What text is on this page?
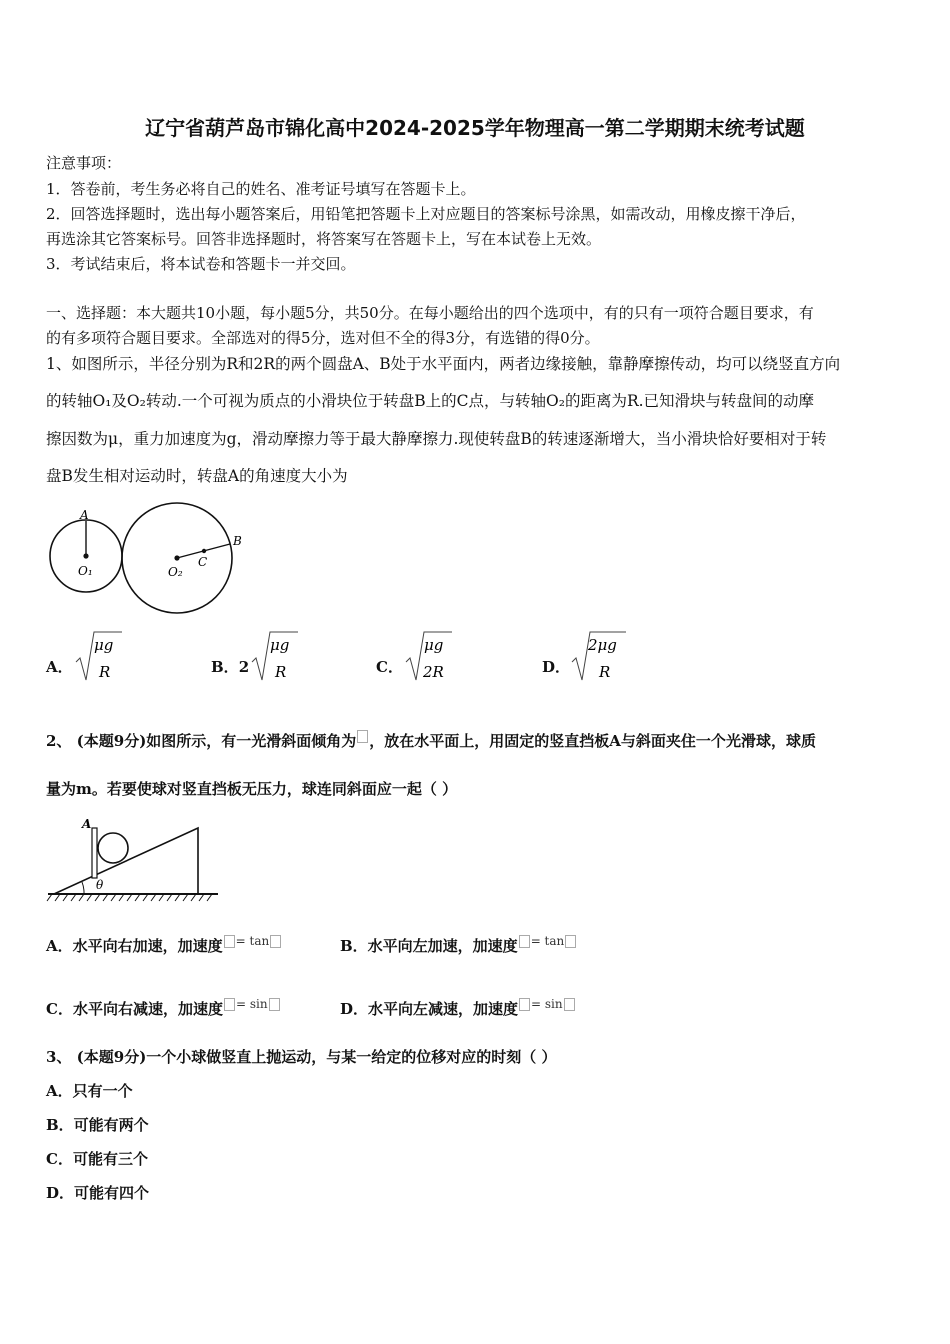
辽宁省葫芦岛市锦化高中2024-2025学年物理高一第二学期期末统考试题
注意事项：
1．答卷前，考生务必将自己的姓名、准考证号填写在答题卡上。
2．回答选择题时，选出每小题答案后，用铅笔把答题卡上对应题目的答案标号涂黑，如需改动，用橡皮擦干净后，
再选涂其它答案标号。回答非选择题时，将答案写在答题卡上，写在本试卷上无效。
3．考试结束后，将本试卷和答题卡一并交回。
一、选择题：本大题共10小题，每小题5分，共50分。在每小题给出的四个选项中，有的只有一项符合题目要求，有
的有多项符合题目要求。全部选对的得5分，选对但不全的得3分，有选错的得0分。
1、如图所示，半径分别为R和2R的两个圆盘A、B处于水平面内，两者边缘接触，靠静摩擦传动，均可以绕竖直方向
的转轴O₁及O₂转动.一个可视为质点的小滑块位于转盘B上的C点，与转轴O₂的距离为R.已知滑块与转盘间的动摩
擦因数为μ，重力加速度为g，滑动摩擦力等于最大静摩擦力.现使转盘B的转速逐渐增大，当小滑块恰好要相对于转
盘B发生相对运动时，转盘A的角速度大小为
A
O₁	O₂
C
B
A．
μg
R	B．2
μg
R	C．
μg
2R	D．
2μg
R
2、 (本题9分)如图所示，有一光滑斜面倾角为 ，放在水平面上，用固定的竖直挡板A与斜面夹住一个光滑球，球质
量为m。若要使球对竖直挡板无压力，球连同斜面应一起（ ）
A
θ
A．水平向右加速，加速度 $^{= tan}$	B．水平向左加速，加速度 $^{= tan}$
C．水平向右减速，加速度 $^{= sin}$	D．水平向左减速，加速度 $^{= sin}$
3、 (本题9分)一个小球做竖直上抛运动，与某一给定的位移对应的时刻（ ）
A．只有一个
B．可能有两个
C．可能有三个
D．可能有四个
